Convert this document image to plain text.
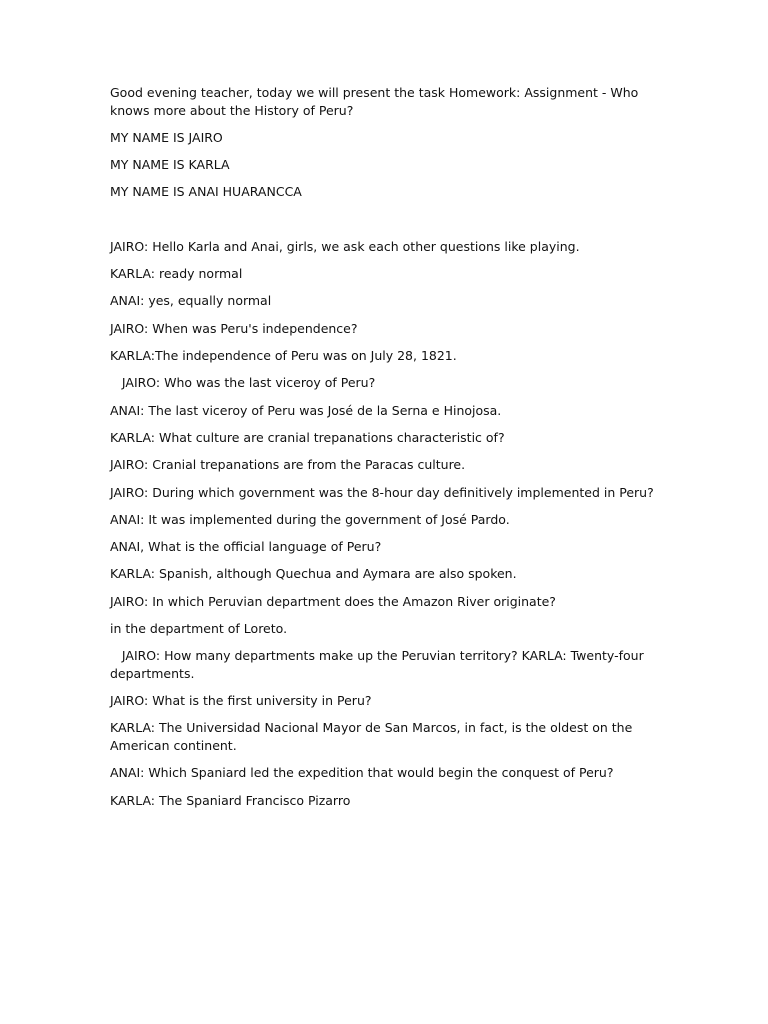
Good evening teacher, today we will present the task Homework: Assignment - Who knows more about the History of Peru?

MY NAME IS JAIRO

MY NAME IS KARLA

MY NAME IS ANAI HUARANCCA

JAIRO: Hello Karla and Anai, girls, we ask each other questions like playing.

KARLA: ready normal

ANAI: yes, equally normal

JAIRO: When was Peru's independence?

KARLA:The independence of Peru was on July 28, 1821.

JAIRO: Who was the last viceroy of Peru?

ANAI: The last viceroy of Peru was José de la Serna e Hinojosa.

KARLA: What culture are cranial trepanations characteristic of?

JAIRO: Cranial trepanations are from the Paracas culture.

JAIRO: During which government was the 8-hour day definitively implemented in Peru?

ANAI: It was implemented during the government of José Pardo.

ANAI, What is the official language of Peru?

KARLA: Spanish, although Quechua and Aymara are also spoken.

JAIRO: In which Peruvian department does the Amazon River originate?

in the department of Loreto.

JAIRO: How many departments make up the Peruvian territory? KARLA: Twenty-four departments.

JAIRO: What is the first university in Peru?

KARLA: The Universidad Nacional Mayor de San Marcos, in fact, is the oldest on the American continent.

ANAI: Which Spaniard led the expedition that would begin the conquest of Peru?

KARLA: The Spaniard Francisco Pizarro
